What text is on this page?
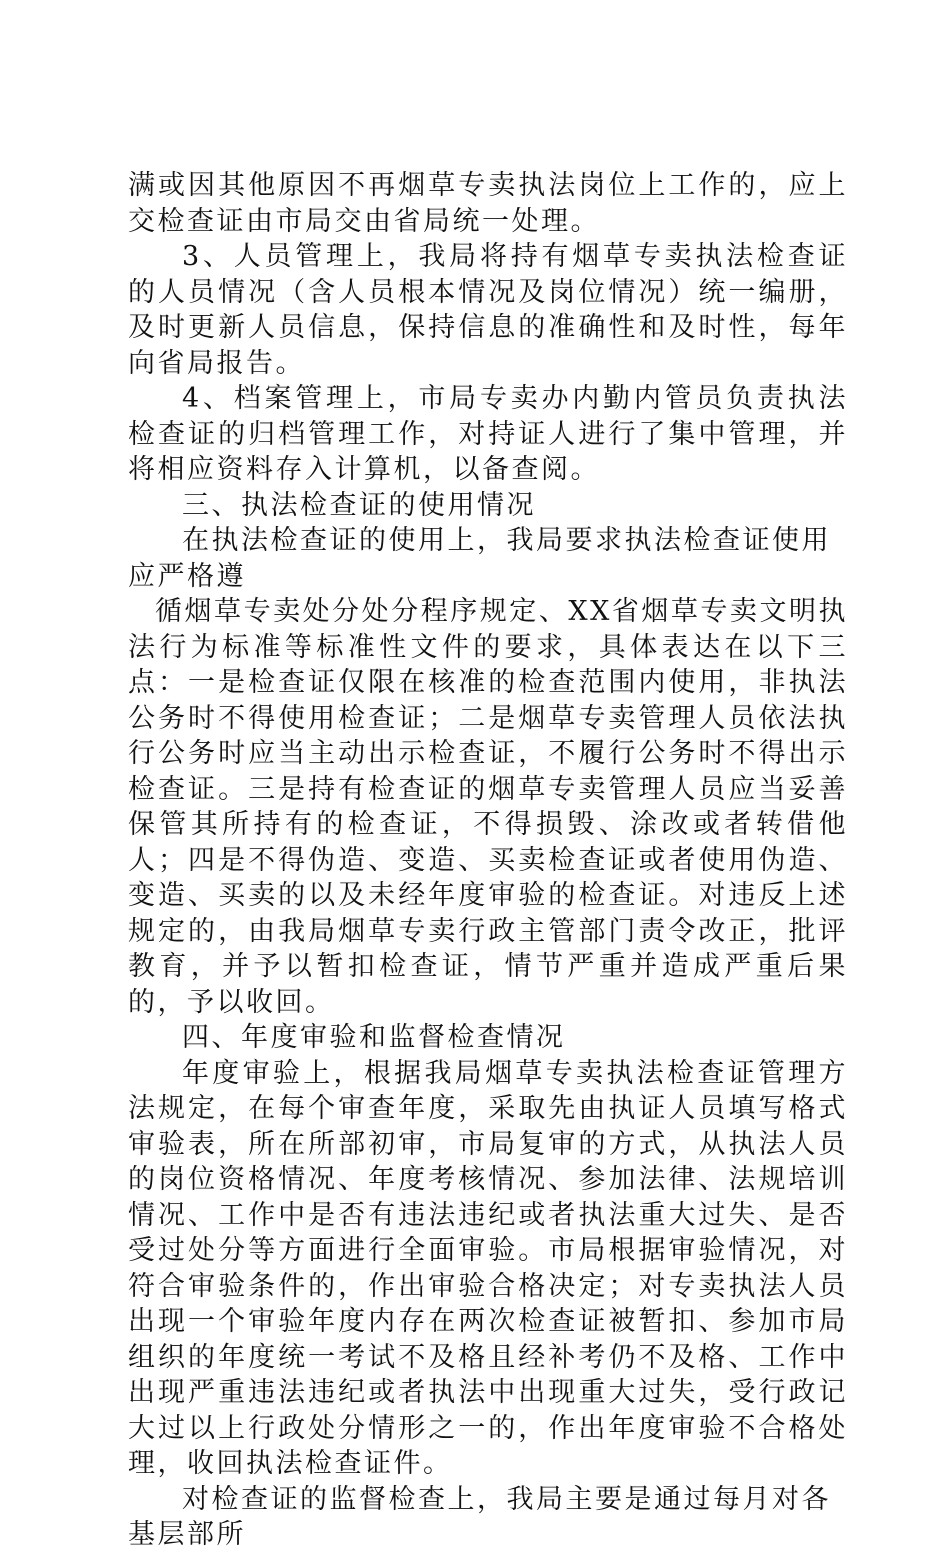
满或因其他原因不再烟草专卖执法岗位上工作的，应上交检查证由市局交由省局统一处理。

3、人员管理上，我局将持有烟草专卖执法检查证的人员情况（含人员根本情况及岗位情况）统一编册，及时更新人员信息，保持信息的准确性和及时性，每年向省局报告。

4、档案管理上，市局专卖办内勤内管员负责执法检查证的归档管理工作，对持证人进行了集中管理，并将相应资料存入计算机，以备查阅。

三、执法检查证的使用情况

在执法检查证的使用上，我局要求执法检查证使用应严格遵

循烟草专卖处分处分程序规定、XX省烟草专卖文明执法行为标准等标准性文件的要求，具体表达在以下三点：一是检查证仅限在核准的检查范围内使用，非执法公务时不得使用检查证；二是烟草专卖管理人员依法执行公务时应当主动出示检查证，不履行公务时不得出示检查证。三是持有检查证的烟草专卖管理人员应当妥善保管其所持有的检查证，不得损毁、涂改或者转借他人；四是不得伪造、变造、买卖检查证或者使用伪造、变造、买卖的以及未经年度审验的检查证。对违反上述规定的，由我局烟草专卖行政主管部门责令改正，批评教育，并予以暂扣检查证，情节严重并造成严重后果的，予以收回。

四、年度审验和监督检查情况

年度审验上，根据我局烟草专卖执法检查证管理方法规定，在每个审查年度，采取先由执证人员填写格式审验表，所在所部初审，市局复审的方式，从执法人员的岗位资格情况、年度考核情况、参加法律、法规培训情况、工作中是否有违法违纪或者执法重大过失、是否受过处分等方面进行全面审验。市局根据审验情况，对符合审验条件的，作出审验合格决定；对专卖执法人员出现一个审验年度内存在两次检查证被暂扣、参加市局组织的年度统一考试不及格且经补考仍不及格、工作中出现严重违法违纪或者执法中出现重大过失，受行政记大过以上行政处分情形之一的，作出年度审验不合格处理，收回执法检查证件。

对检查证的监督检查上，我局主要是通过每月对各基层部所
